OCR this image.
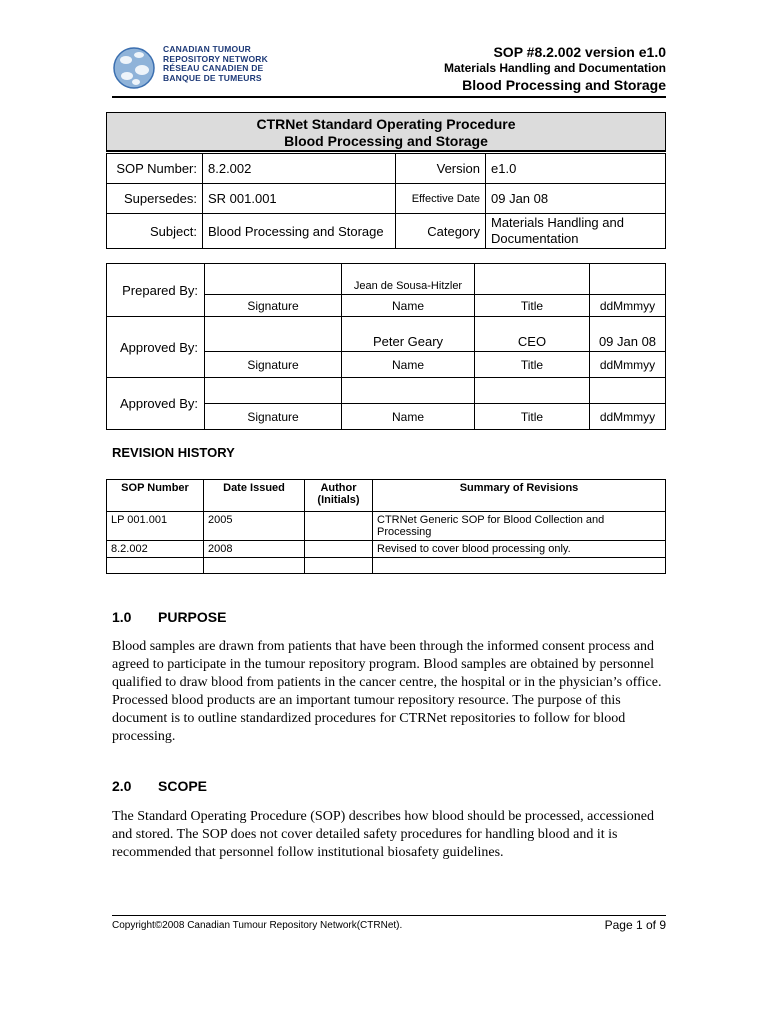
CANADIAN TUMOUR
REPOSITORY NETWORK
RÉSEAU CANADIEN DE
BANQUE DE TUMEURS
SOP #8.2.002 version e1.0
Materials Handling and Documentation
Blood Processing and Storage
CTRNet Standard Operating Procedure
Blood Processing and Storage
SOP Number:	8.2.002	Version	e1.0
Supersedes:	SR 001.001	Effective Date	09 Jan 08
Subject:	Blood Processing and Storage	Category	Materials Handling and Documentation
Prepared By:		Jean de Sousa-Hitzler		
	Signature	Name	Title	ddMmmyy
Approved By:		Peter Geary	CEO	09 Jan 08
	Signature	Name	Title	ddMmmyy
Approved By:				
	Signature	Name	Title	ddMmmyy
REVISION HISTORY
SOP Number	Date Issued	Author (Initials)	Summary of Revisions
LP 001.001	2005		CTRNet Generic SOP for Blood Collection and Processing
8.2.002	2008		Revised to cover blood processing only.

1.0 PURPOSE
Blood samples are drawn from patients that have been through the informed consent process and agreed to participate in the tumour repository program. Blood samples are obtained by personnel qualified to draw blood from patients in the cancer centre, the hospital or in the physician’s office. Processed blood products are an important tumour repository resource. The purpose of this document is to outline standardized procedures for CTRNet repositories to follow for blood processing.
2.0 SCOPE
The Standard Operating Procedure (SOP) describes how blood should be processed, accessioned and stored. The SOP does not cover detailed safety procedures for handling blood and it is recommended that personnel follow institutional biosafety guidelines.
Copyright©2008 Canadian Tumour Repository Network(CTRNet).	Page 1 of 9
